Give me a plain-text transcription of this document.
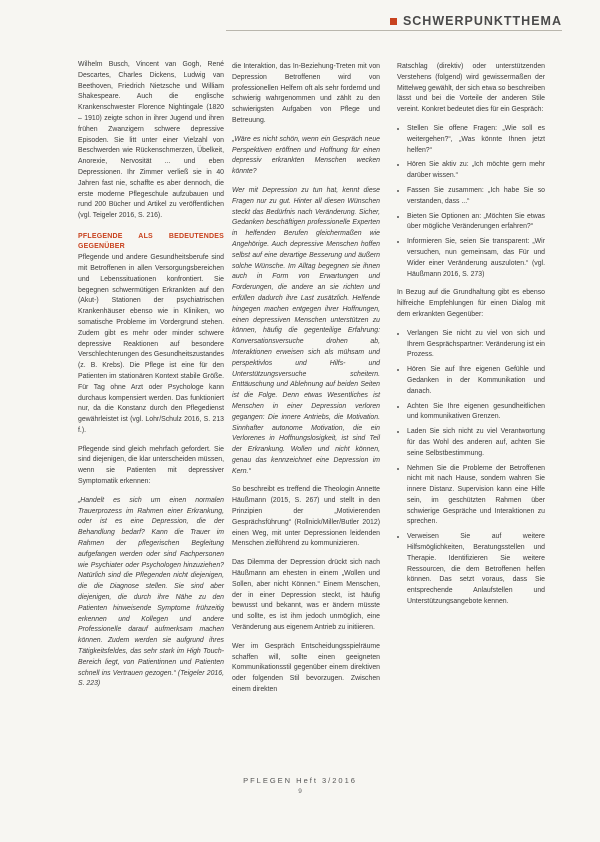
SCHWERPUNKTTHEMA

Wilhelm Busch, Vincent van Gogh, René Descartes, Charles Dickens, Ludwig van Beethoven, Friedrich Nietzsche und William Shakespeare. Auch die englische Krankenschwester Florence Nightingale (1820 – 1910) zeigte schon in ihrer Jugend und ihren frühen Zwanzigern schwere depressive Episoden. Sie litt unter einer Vielzahl von Beschwerden wie Rückenschmerzen, Übelkeit, Anorexie, Nervosität ... und eben Depressionen. Ihr Zimmer verließ sie in 40 Jahren fast nie, schaffte es aber dennoch, die erste moderne Pflegeschule aufzubauen und rund 200 Bücher und Artikel zu veröffentlichen (vgl. Teigeler 2016, S. 216).

PFLEGENDE ALS BEDEUTENDES GEGENÜBER

Pflegende und andere Gesundheitsberufe sind mit Betroffenen in allen Versorgungsbereichen und Lebenssituationen konfrontiert. Sie begegnen schwermütigen Erkrankten auf den (Akut-) Stationen der psychiatrischen Krankenhäuser ebenso wie in Kliniken, wo somatische Probleme im Vordergrund stehen. Zudem gibt es mehr oder minder schwere depressive Reaktionen auf besondere Verschlechterungen des Gesundheitszustandes (z. B. Krebs). Die Pflege ist eine für den Patienten im stationären Kontext stabile Größe. Für Tag ohne Arzt oder Psychologe kann durchaus kompensiert werden. Das funktioniert nur, da die Konstanz durch den Pflegedienst gewährleistet ist (vgl. Lohr/Schulz 2016, S. 213 f.).

Pflegende sind gleich mehrfach gefordert. Sie sind diejenigen, die klar unterscheiden müssen, wenn sie Patienten mit depressiver Symptomatik erkennen:

„Handelt es sich um einen normalen Trauerprozess im Rahmen einer Erkrankung, oder ist es eine Depression, die der Behandlung bedarf? Kann die Trauer im Rahmen der pflegerischen Begleitung aufgefangen werden oder sind Fachpersonen wie Psychiater oder Psychologen hinzuziehen? Natürlich sind die Pflegenden nicht diejenigen, die die Diagnose stellen. Sie sind aber diejenigen, die durch ihre Nähe zu den Patienten hinweisende Symptome frühzeitig erkennen und Kollegen und andere Professionelle darauf aufmerksam machen können. Zudem werden sie aufgrund ihres Tätigkeitsfeldes, das sehr stark im High Touch-Bereich liegt, von Patientinnen und Patienten schnell ins Vertrauen gezogen.“ (Teigeler 2016, S. 223)

die Interaktion, das In-Beziehung-Treten mit von Depression Betroffenen wird von professionellen Helfern oft als sehr fordernd und schwierig wahrgenommen und zählt zu den schwierigsten Aufgaben von Pflege und Betreuung.

„Wäre es nicht schön, wenn ein Gespräch neue Perspektiven eröffnen und Hoffnung für einen depressiv erkrankten Menschen wecken könnte?

Wer mit Depression zu tun hat, kennt diese Fragen nur zu gut. Hinter all diesen Wünschen steckt das Bedürfnis nach Veränderung. Sicher, Gedanken beschäftigen professionelle Experten in helfenden Berufen gleichermaßen wie Angehörige. Auch depressive Menschen hoffen selbst auf eine derartige Besserung und äußern solche Wünsche. Im Alltag begegnen sie ihnen auch in Form von Erwartungen und Forderungen, die andere an sie richten und erfüllen dadurch ihre Last zusätzlich. Helfende hingegen machen entgegen ihrer Hoffnungen, einen depressiven Menschen unterstützen zu können, häufig die gegenteilige Erfahrung: Konversationsversuche drohen ab, Interaktionen erweisen sich als mühsam und perspektivlos und Hilfs- und Unterstützungsversuche scheitern. Enttäuschung und Ablehnung auf beiden Seiten ist die Folge. Denn etwas Wesentliches ist Menschen in einer Depression verloren gegangen: Die innere Antriebs, die Motivation. Sinnhafter autonome Motivation, die ein Verlorenes in Hoffnungslosigkeit, ist sind Teil der Erkrankung. Wollen und nicht können, genau das kennzeichnet eine Depression im Kern.“

So beschreibt es treffend die Theologin Annette Häußmann (2015, S. 267) und stellt in den Prinzipien der „Motivierenden Gesprächsführung“ (Rollnick/Miller/Butler 2012) einen Weg, mit unter Depressionen leidenden Menschen zielführend zu kommunizieren.

Das Dilemma der Depression drückt sich nach Häußmann am ehesten in einem „Wollen und Sollen, aber nicht Können.“ Einem Menschen, der in einer Depression steckt, ist häufig bewusst und bekannt, was er ändern müsste und sollte, es ist ihm jedoch unmöglich, eine Veränderung aus eigenem Antrieb zu initiieren.

Wer im Gespräch Entscheidungsspielräume schaffen will, sollte einen geeigneten Kommunikationsstil gegenüber einem direktiven oder folgenden Stil bevorzugen. Zwischen einem direkten

Ratschlag (direktiv) oder unterstützenden Verstehens (folgend) wird gewissermaßen der Mittelweg gewählt, der sich etwa so beschreiben lässt und bei die Vorteile der anderen Stile vereint. Konkret bedeutet dies für ein Gespräch:

• Stellen Sie offene Fragen: „Wie soll es weitergehen?“, „Was könnte Ihnen jetzt helfen?“
• Hören Sie aktiv zu: „Ich möchte gern mehr darüber wissen.“
• Fassen Sie zusammen: „Ich habe Sie so verstanden, dass ...“
• Bieten Sie Optionen an: „Möchten Sie etwas über mögliche Veränderungen erfahren?“
• Informieren Sie, seien Sie transparent: „Wir versuchen, nun gemeinsam, das Für und Wider einer Veränderung auszuloten.“ (vgl. Häußmann 2016, S. 273)

In Bezug auf die Grundhaltung gibt es ebenso hilfreiche Empfehlungen für einen Dialog mit dem erkrankten Gegenüber:

• Verlangen Sie nicht zu viel von sich und Ihrem Gesprächspartner: Veränderung ist ein Prozess.
• Hören Sie auf Ihre eigenen Gefühle und Gedanken in der Kommunikation und danach.
• Achten Sie Ihre eigenen gesundheitlichen und kommunikativen Grenzen.
• Laden Sie sich nicht zu viel Verantwortung für das Wohl des anderen auf, achten Sie seine Selbstbestimmung.
• Nehmen Sie die Probleme der Betroffenen nicht mit nach Hause, sondern wahren Sie innere Distanz. Supervision kann eine Hilfe sein, im geschützten Rahmen über schwierige Gespräche und Interaktionen zu sprechen.
• Verweisen Sie auf weitere Hilfsmöglichkeiten, Beratungsstellen und Therapie. Identifizieren Sie weitere Ressourcen, die dem Betroffenen helfen können. Das setzt voraus, dass Sie entsprechende Anlaufstellen und Unterstützungsangebote kennen.
PFLEGEN Heft 3/2016
9
